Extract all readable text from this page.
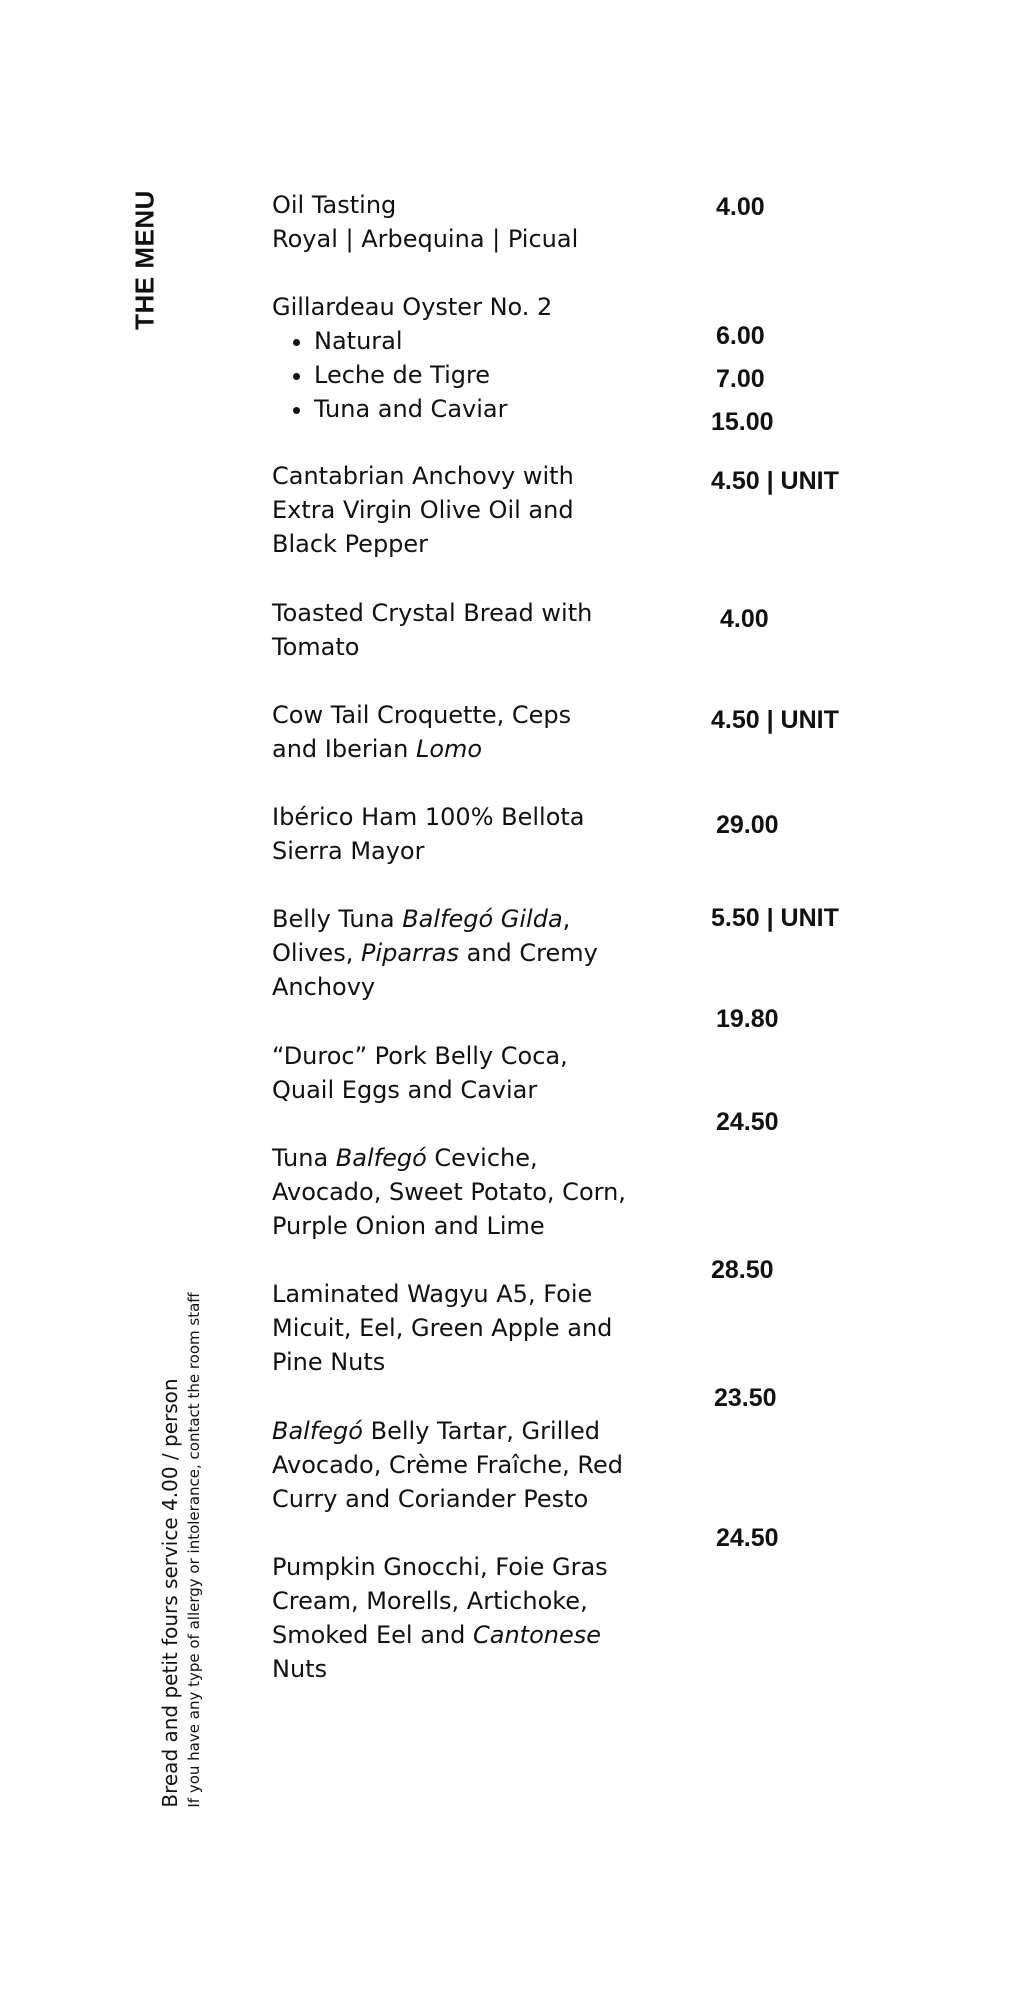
THE MENU
Bread and petit fours service 4.00 / person If you have any type of allergy or intolerance, contact the room staff
Oil Tasting
Royal | Arbequina | Picual
4.00
Gillardeau Oyster No. 2
• Natural
• Leche de Tigre
• Tuna and Caviar
6.00
7.00
15.00
Cantabrian Anchovy with
Extra Virgin Olive Oil and
Black Pepper
4.50 | UNIT
Toasted Crystal Bread with
Tomato
4.00
Cow Tail Croquette, Ceps
and Iberian Lomo
4.50 | UNIT
Ibérico Ham 100% Bellota
Sierra Mayor
29.00
Belly Tuna Balfegó Gilda,
Olives, Piparras and Cremy
Anchovy
5.50 | UNIT
“Duroc” Pork Belly Coca,
Quail Eggs and Caviar
19.80
Tuna Balfegó Ceviche,
Avocado, Sweet Potato, Corn,
Purple Onion and Lime
24.50
Laminated Wagyu A5, Foie
Micuit, Eel, Green Apple and
Pine Nuts
28.50
Balfegó Belly Tartar, Grilled
Avocado, Crème Fraîche, Red
Curry and Coriander Pesto
23.50
Pumpkin Gnocchi, Foie Gras
Cream, Morells, Artichoke,
Smoked Eel and Cantonese
Nuts
24.50
